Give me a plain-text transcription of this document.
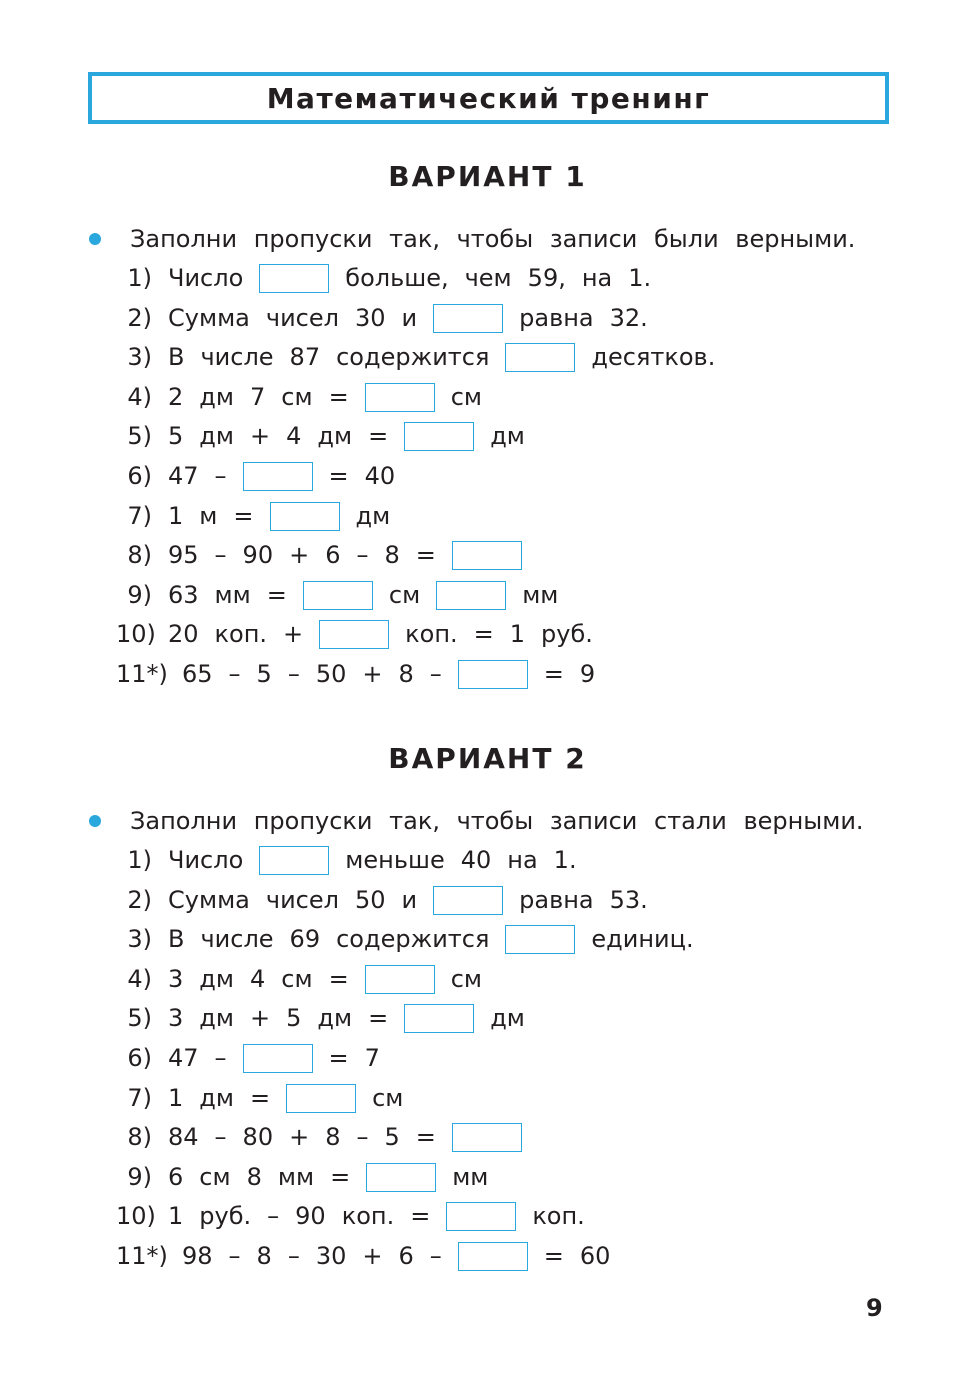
Математический тренинг
ВАРИАНТ 1
Заполни пропуски так, чтобы записи были верными.
1) Число	больше, чем 59, на 1.
2) Сумма чисел 30 и	равна 32.
3) В числе 87 содержится	десятков.
4) 2 дм 7 см =	см
5) 5 дм + 4 дм =	дм
6) 47 –	= 40
7) 1 м =	дм
8) 95 – 90 + 6 – 8 =
9) 63 мм =	см	мм
10) 20 коп. +	коп. = 1 руб.
11*) 65 – 5 – 50 + 8 –	= 9
ВАРИАНТ 2
Заполни пропуски так, чтобы записи стали верными.
1) Число	меньше 40 на 1.
2) Сумма чисел 50 и	равна 53.
3) В числе 69 содержится	единиц.
4) 3 дм 4 см =	см
5) 3 дм + 5 дм =	дм
6) 47 –	= 7
7) 1 дм =	см
8) 84 – 80 + 8 – 5 =
9) 6 см 8 мм =	мм
10) 1 руб. – 90 коп. =	коп.
11*) 98 – 8 – 30 + 6 –	= 60
9
